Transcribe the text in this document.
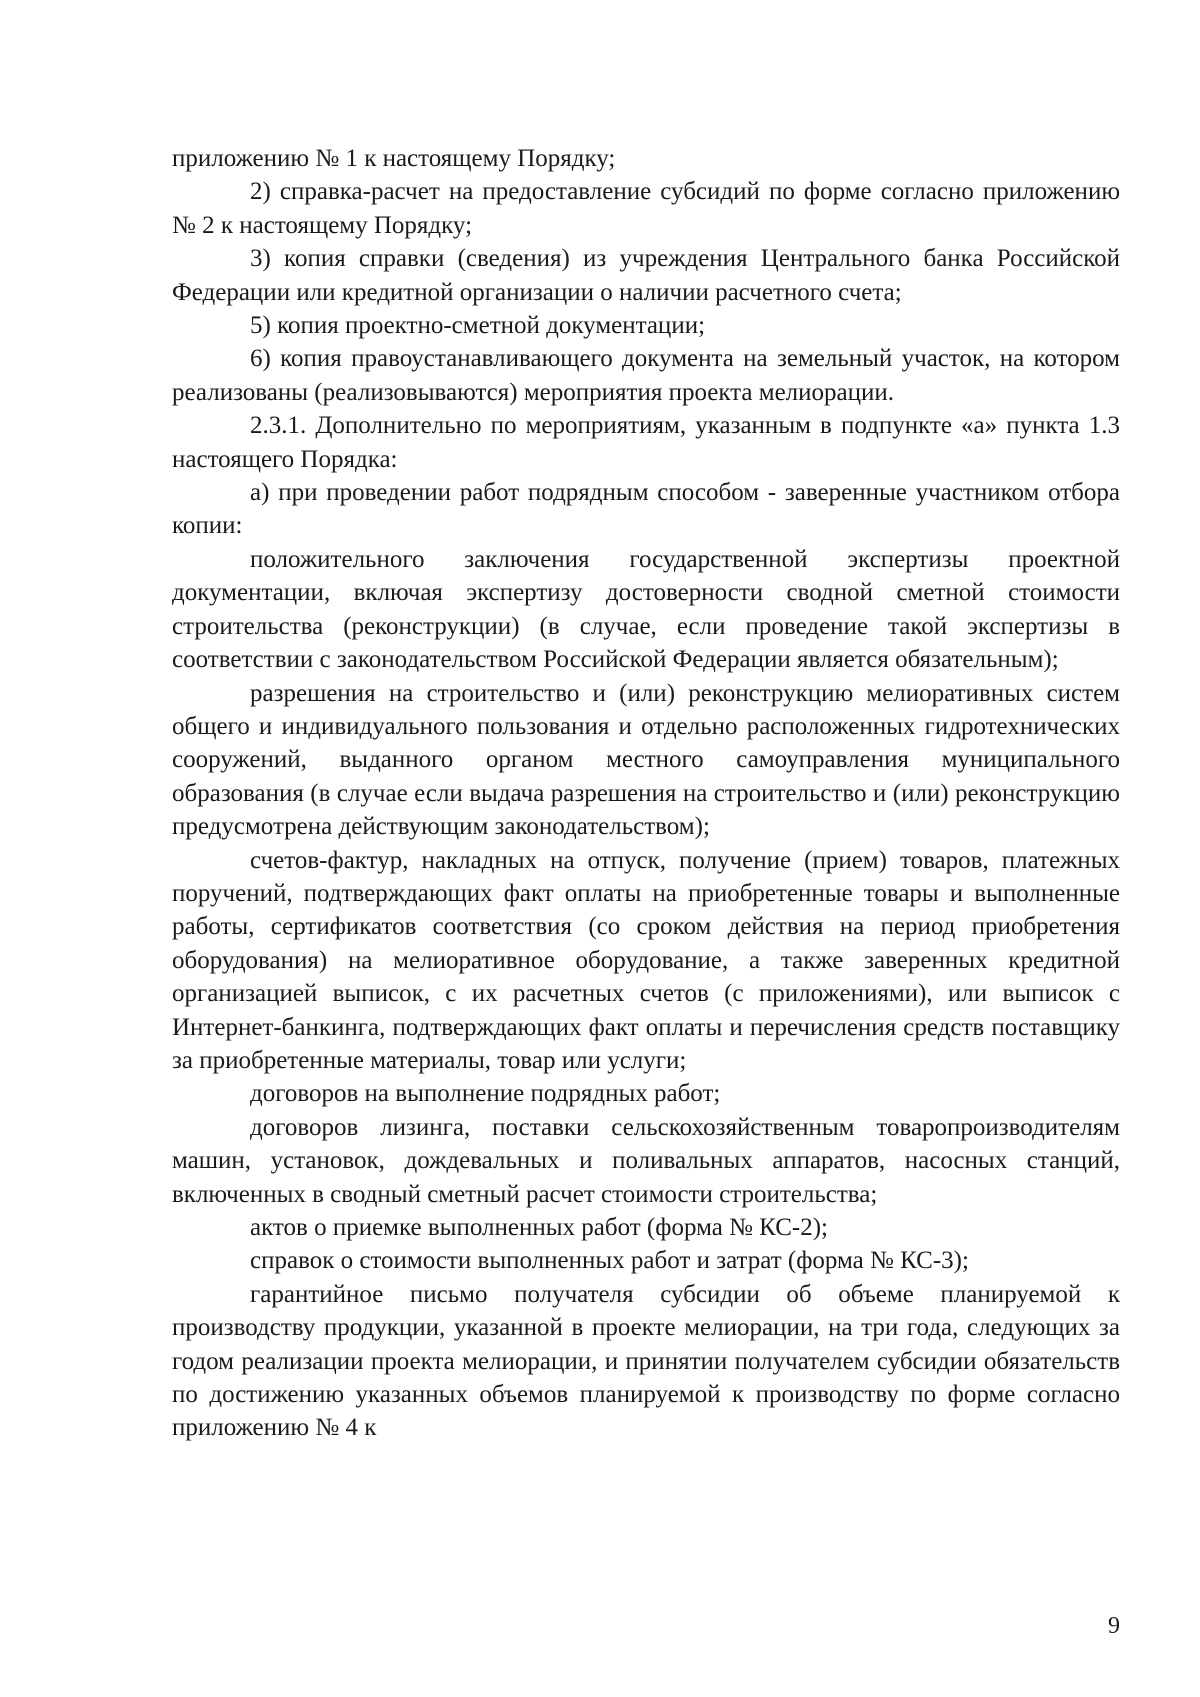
приложению № 1 к настоящему Порядку;

2) справка-расчет на предоставление субсидий по форме согласно приложению № 2 к настоящему Порядку;

3) копия справки (сведения) из учреждения Центрального банка Российской Федерации или кредитной организации о наличии расчетного счета;

5) копия проектно-сметной документации;

6) копия правоустанавливающего документа на земельный участок, на котором реализованы (реализовываются) мероприятия проекта мелиорации.

2.3.1. Дополнительно по мероприятиям, указанным в подпункте «а» пункта 1.3 настоящего Порядка:

а) при проведении работ подрядным способом - заверенные участником отбора копии:

положительного заключения государственной экспертизы проектной документации, включая экспертизу достоверности сводной сметной стоимости строительства (реконструкции) (в случае, если проведение такой экспертизы в соответствии с законодательством Российской Федерации является обязательным);

разрешения на строительство и (или) реконструкцию мелиоративных систем общего и индивидуального пользования и отдельно расположенных гидротехнических сооружений, выданного органом местного самоуправления муниципального образования (в случае если выдача разрешения на строительство и (или) реконструкцию предусмотрена действующим законодательством);

счетов-фактур, накладных на отпуск, получение (прием) товаров, платежных поручений, подтверждающих факт оплаты на приобретенные товары и выполненные работы, сертификатов соответствия (со сроком действия на период приобретения оборудования) на мелиоративное оборудование, а также заверенных кредитной организацией выписок, с их расчетных счетов (с приложениями), или выписок с Интернет-банкинга, подтверждающих факт оплаты и перечисления средств поставщику за приобретенные материалы, товар или услуги;

договоров на выполнение подрядных работ;

договоров лизинга, поставки сельскохозяйственным товаропроизводителям машин, установок, дождевальных и поливальных аппаратов, насосных станций, включенных в сводный сметный расчет стоимости строительства;

актов о приемке выполненных работ (форма № КС-2);

справок о стоимости выполненных работ и затрат (форма № КС-3);

гарантийное письмо получателя субсидии об объеме планируемой к производству продукции, указанной в проекте мелиорации, на три года, следующих за годом реализации проекта мелиорации, и принятии получателем субсидии обязательств по достижению указанных объемов планируемой к производству по форме согласно приложению № 4 к

9
